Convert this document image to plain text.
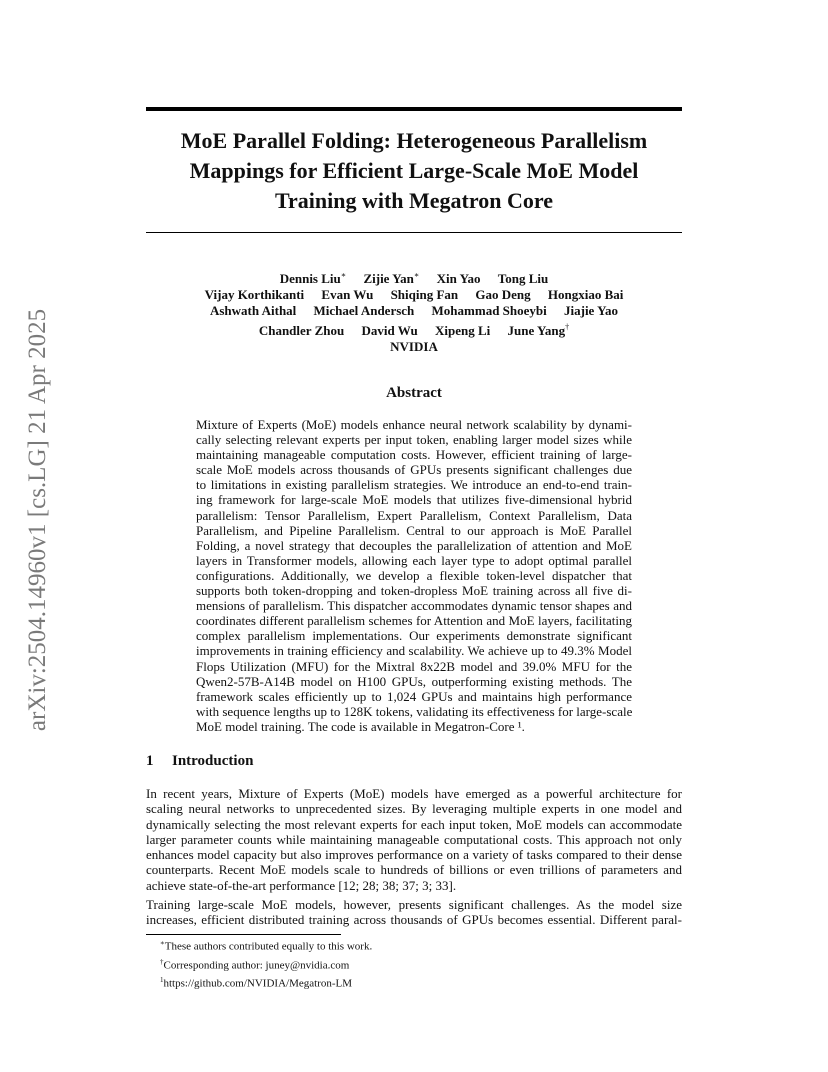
arXiv:2504.14960v1 [cs.LG] 21 Apr 2025
MoE Parallel Folding: Heterogeneous Parallelism
Mappings for Efficient Large-Scale MoE Model
Training with Megatron Core
Dennis Liu∗ Zijie Yan∗ Xin Yao Tong Liu
Vijay Korthikanti Evan Wu Shiqing Fan Gao Deng Hongxiao Bai
Ashwath Aithal Michael Andersch Mohammad Shoeybi Jiajie Yao
Chandler Zhou David Wu Xipeng Li June Yang†
NVIDIA
Abstract
Mixture of Experts (MoE) models enhance neural network scalability by dynami-
cally selecting relevant experts per input token, enabling larger model sizes while
maintaining manageable computation costs. However, efficient training of large-
scale MoE models across thousands of GPUs presents significant challenges due
to limitations in existing parallelism strategies. We introduce an end-to-end train-
ing framework for large-scale MoE models that utilizes five-dimensional hybrid
parallelism: Tensor Parallelism, Expert Parallelism, Context Parallelism, Data
Parallelism, and Pipeline Parallelism. Central to our approach is MoE Parallel
Folding, a novel strategy that decouples the parallelization of attention and MoE
layers in Transformer models, allowing each layer type to adopt optimal parallel
configurations. Additionally, we develop a flexible token-level dispatcher that
supports both token-dropping and token-dropless MoE training across all five di-
mensions of parallelism. This dispatcher accommodates dynamic tensor shapes and
coordinates different parallelism schemes for Attention and MoE layers, facilitating
complex parallelism implementations. Our experiments demonstrate significant
improvements in training efficiency and scalability. We achieve up to 49.3% Model
Flops Utilization (MFU) for the Mixtral 8x22B model and 39.0% MFU for the
Qwen2-57B-A14B model on H100 GPUs, outperforming existing methods. The
framework scales efficiently up to 1,024 GPUs and maintains high performance
with sequence lengths up to 128K tokens, validating its effectiveness for large-scale
MoE model training. The code is available in Megatron-Core ¹.
1 Introduction
In recent years, Mixture of Experts (MoE) models have emerged as a powerful architecture for
scaling neural networks to unprecedented sizes. By leveraging multiple experts in one model and
dynamically selecting the most relevant experts for each input token, MoE models can accommodate
larger parameter counts while maintaining manageable computational costs. This approach not only
enhances model capacity but also improves performance on a variety of tasks compared to their dense
counterparts. Recent MoE models scale to hundreds of billions or even trillions of parameters and
achieve state-of-the-art performance [12; 28; 38; 37; 3; 33].
Training large-scale MoE models, however, presents significant challenges. As the model size
increases, efficient distributed training across thousands of GPUs becomes essential. Different paral-
∗These authors contributed equally to this work.
†Corresponding author: juney@nvidia.com
$^1$https://github.com/NVIDIA/Megatron-LM
